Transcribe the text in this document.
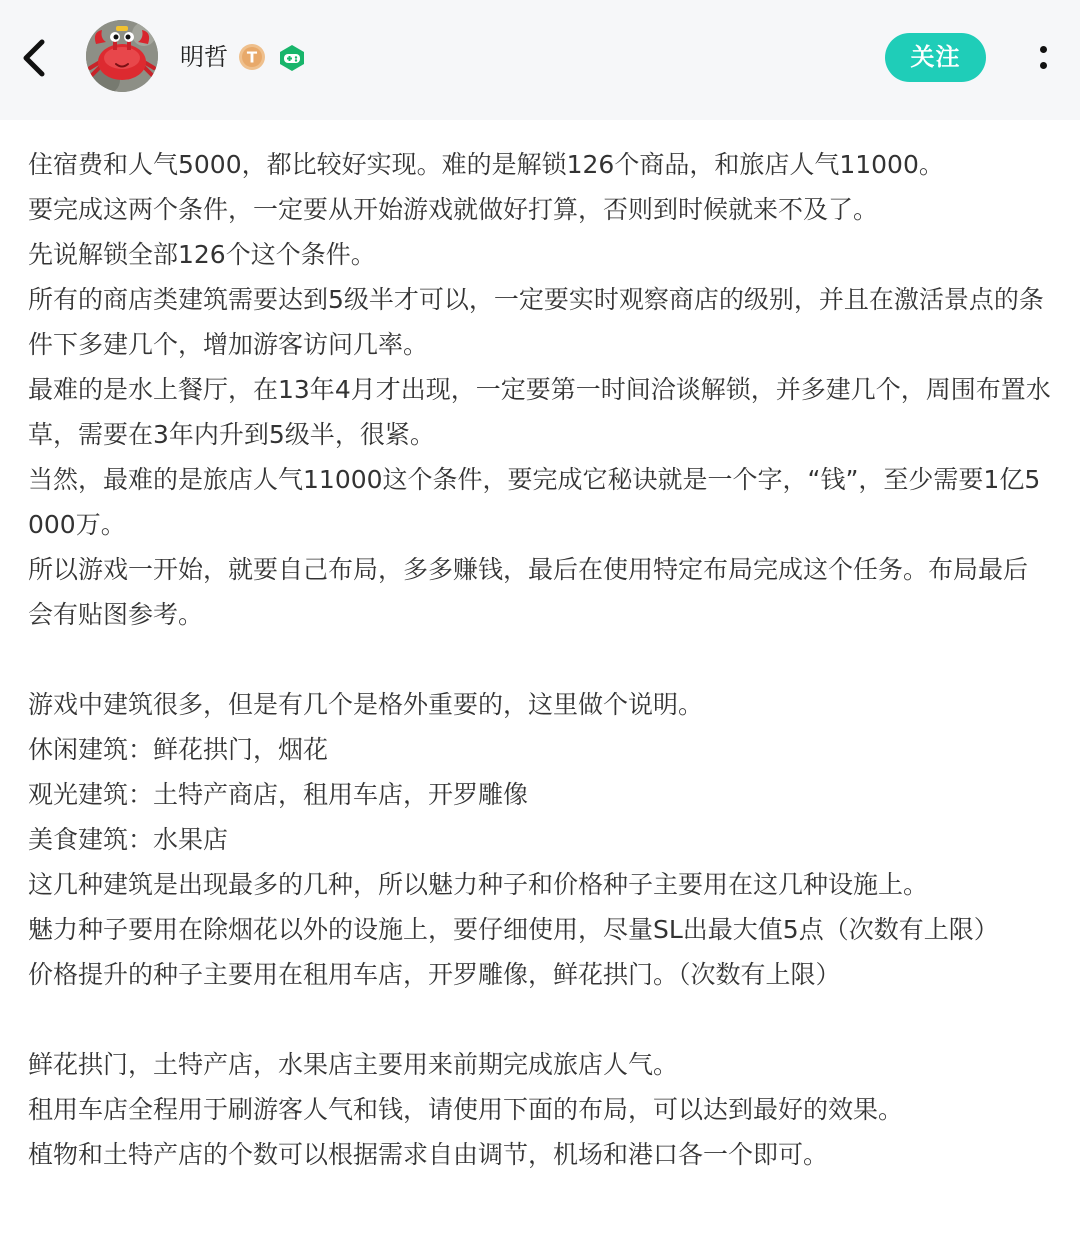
明哲 T	关注

住宿费和人气5000，都比较好实现。难的是解锁126个商品，和旅店人气11000。

要完成这两个条件，一定要从开始游戏就做好打算，否则到时候就来不及了。

先说解锁全部126个这个条件。

所有的商店类建筑需要达到5级半才可以，一定要实时观察商店的级别，并且在激活景点的条件下多建几个，增加游客访问几率。

最难的是水上餐厅，在13年4月才出现，一定要第一时间洽谈解锁，并多建几个，周围布置水草，需要在3年内升到5级半，很紧。

当然，最难的是旅店人气11000这个条件，要完成它秘诀就是一个字，“钱”，至少需要1亿5000万。

所以游戏一开始，就要自己布局，多多赚钱，最后在使用特定布局完成这个任务。布局最后会有贴图参考。

游戏中建筑很多，但是有几个是格外重要的，这里做个说明。

休闲建筑：鲜花拱门，烟花

观光建筑：土特产商店，租用车店，开罗雕像

美食建筑：水果店

这几种建筑是出现最多的几种，所以魅力种子和价格种子主要用在这几种设施上。

魅力种子要用在除烟花以外的设施上，要仔细使用，尽量SL出最大值5点（次数有上限）

价格提升的种子主要用在租用车店，开罗雕像，鲜花拱门。（次数有上限）

鲜花拱门，土特产店，水果店主要用来前期完成旅店人气。

租用车店全程用于刷游客人气和钱，请使用下面的布局，可以达到最好的效果。

植物和土特产店的个数可以根据需求自由调节，机场和港口各一个即可。
